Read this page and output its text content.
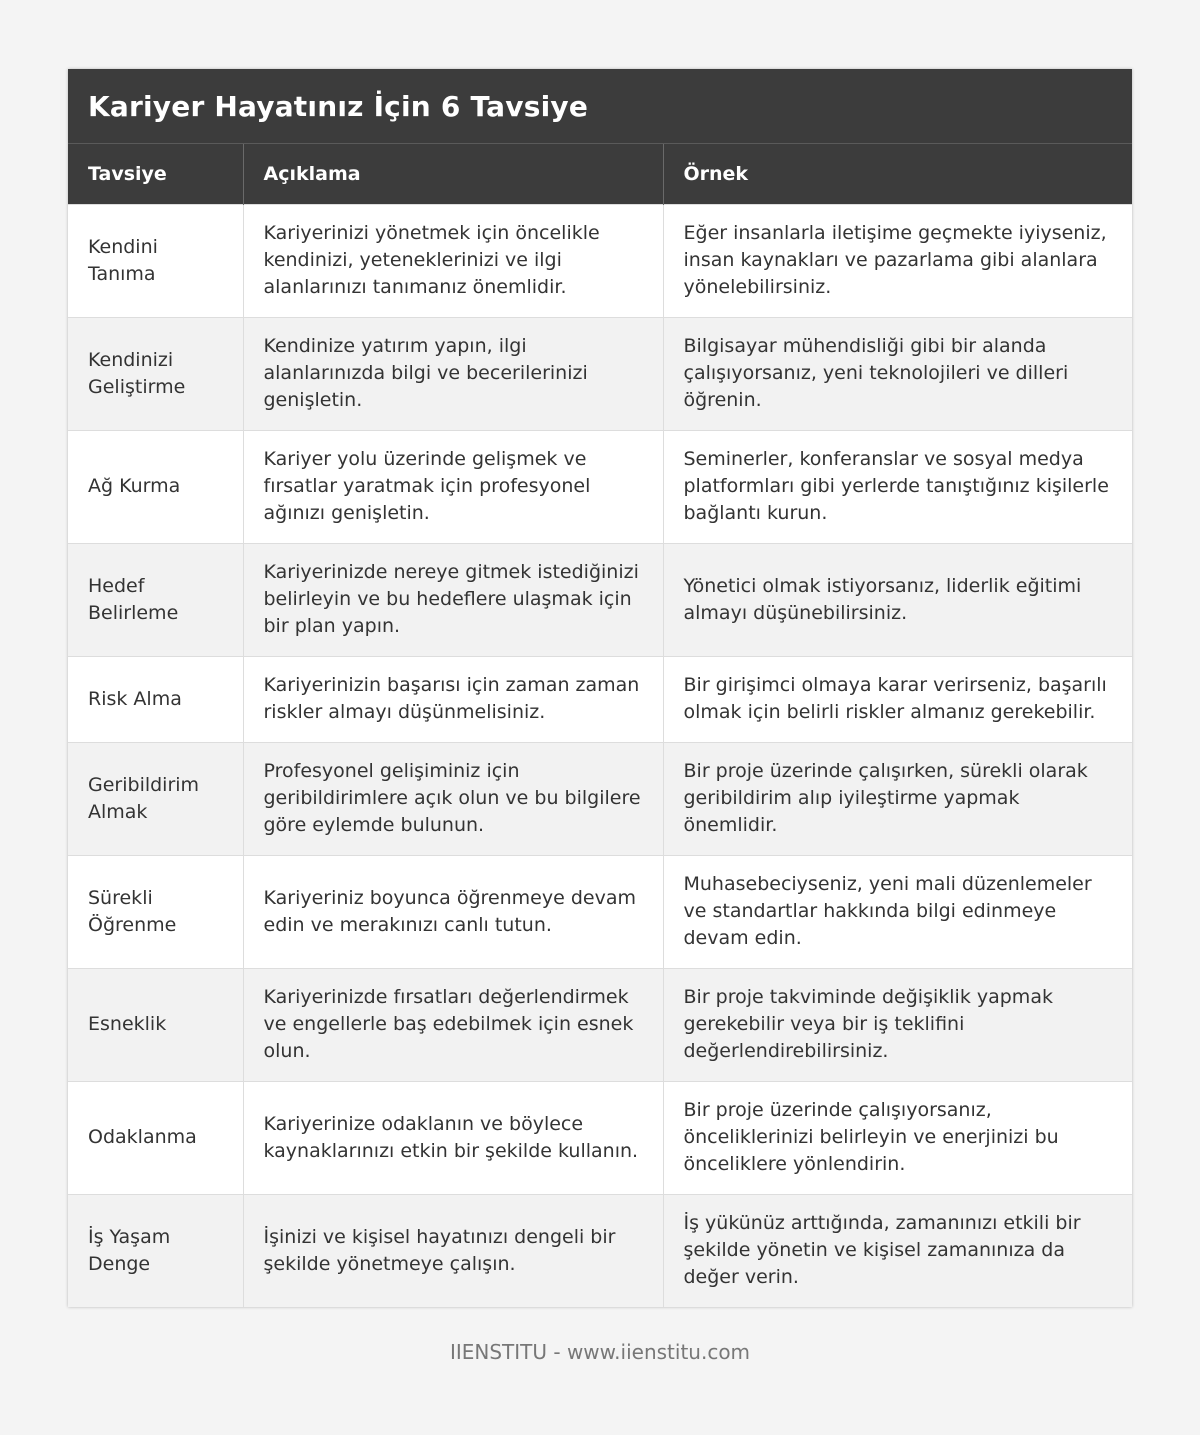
Kariyer Hayatınız İçin 6 Tavsiye
Tavsiye	Açıklama	Örnek
Kendini Tanıma	Kariyerinizi yönetmek için öncelikle kendinizi, yeteneklerinizi ve ilgi alanlarınızı tanımanız önemlidir.	Eğer insanlarla iletişime geçmekte iyiyseniz, insan kaynakları ve pazarlama gibi alanlara yönelebilirsiniz.
Kendinizi Geliştirme	Kendinize yatırım yapın, ilgi alanlarınızda bilgi ve becerilerinizi genişletin.	Bilgisayar mühendisliği gibi bir alanda çalışıyorsanız, yeni teknolojileri ve dilleri öğrenin.
Ağ Kurma	Kariyer yolu üzerinde gelişmek ve fırsatlar yaratmak için profesyonel ağınızı genişletin.	Seminerler, konferanslar ve sosyal medya platformları gibi yerlerde tanıştığınız kişilerle bağlantı kurun.
Hedef Belirleme	Kariyerinizde nereye gitmek istediğinizi belirleyin ve bu hedeflere ulaşmak için bir plan yapın.	Yönetici olmak istiyorsanız, liderlik eğitimi almayı düşünebilirsiniz.
Risk Alma	Kariyerinizin başarısı için zaman zaman riskler almayı düşünmelisiniz.	Bir girişimci olmaya karar verirseniz, başarılı olmak için belirli riskler almanız gerekebilir.
Geribildirim Almak	Profesyonel gelişiminiz için geribildirimlere açık olun ve bu bilgilere göre eylemde bulunun.	Bir proje üzerinde çalışırken, sürekli olarak geribildirim alıp iyileştirme yapmak önemlidir.
Sürekli Öğrenme	Kariyeriniz boyunca öğrenmeye devam edin ve merakınızı canlı tutun.	Muhasebeciyseniz, yeni mali düzenlemeler ve standartlar hakkında bilgi edinmeye devam edin.
Esneklik	Kariyerinizde fırsatları değerlendirmek ve engellerle baş edebilmek için esnek olun.	Bir proje takviminde değişiklik yapmak gerekebilir veya bir iş teklifini değerlendirebilirsiniz.
Odaklanma	Kariyerinize odaklanın ve böylece kaynaklarınızı etkin bir şekilde kullanın.	Bir proje üzerinde çalışıyorsanız, önceliklerinizi belirleyin ve enerjinizi bu önceliklere yönlendirin.
İş Yaşam Denge	İşinizi ve kişisel hayatınızı dengeli bir şekilde yönetmeye çalışın.	İş yükünüz arttığında, zamanınızı etkili bir şekilde yönetin ve kişisel zamanınıza da değer verin.
IIENSTITU - www.iienstitu.com
